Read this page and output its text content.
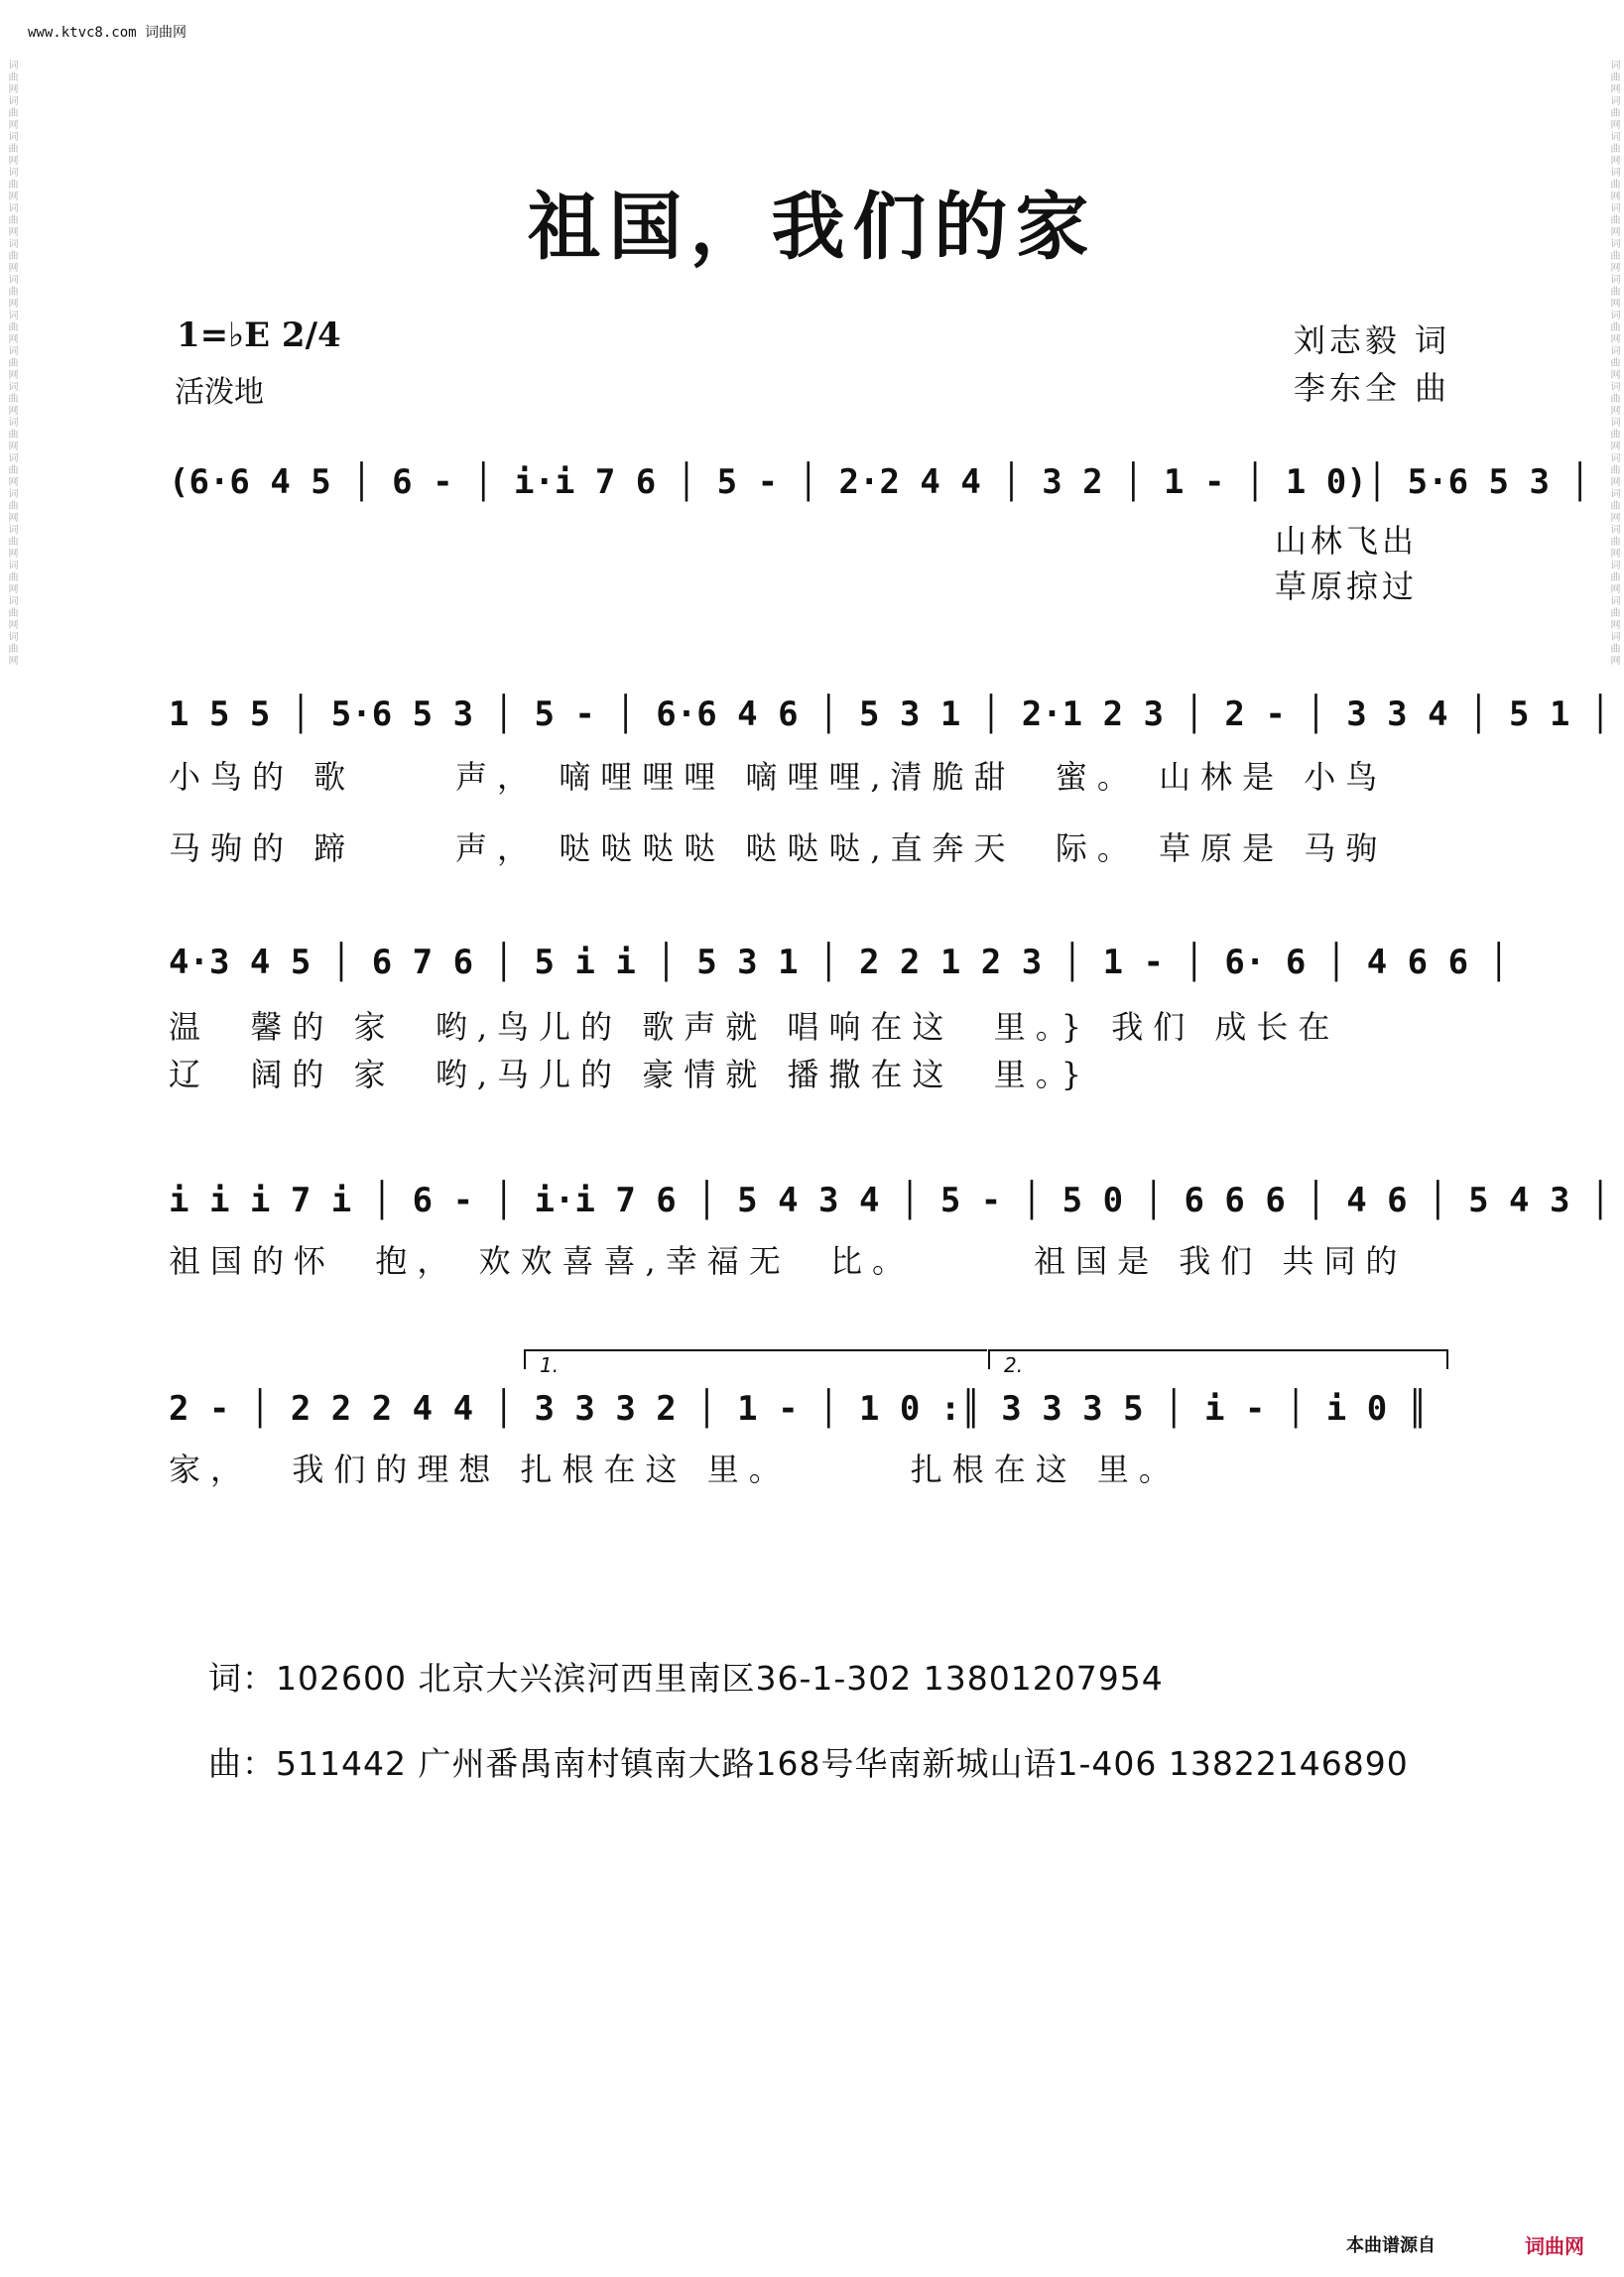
www.ktvc8.com 词曲网
词曲网词曲网词曲网词曲网词曲网词曲网词曲网词曲网词曲网词曲网词曲网词曲网词曲网词曲网词曲网词曲网词曲网	词曲网词曲网词曲网词曲网词曲网词曲网词曲网词曲网词曲网词曲网词曲网词曲网词曲网词曲网词曲网词曲网词曲网
祖国，我们的家
1=♭E 2/4
活泼地
刘志毅 词
李东全 曲
(6·6 4 5 │ 6 - │ i·i 7 6 │ 5 - │ 2·2 4 4 │ 3 2 │ 1 - │ 1 0)│ 5·6 5 3 │
山林飞出
草原掠过
1 5 5 │ 5·6 5 3 │ 5 - │ 6·6 4 6 │ 5 3 1 │ 2·1 2 3 │ 2 - │ 3 3 4 │ 5 1 │
小鸟的 歌     声， 嘀哩哩哩 嘀哩哩,清脆甜  蜜。 山林是 小鸟
马驹的 蹄     声， 哒哒哒哒 哒哒哒,直奔天  际。 草原是 马驹
4·3 4 5 │ 6 7 6 │ 5 i i │ 5 3 1 │ 2 2 1 2 3 │ 1 - │ 6· 6 │ 4 6 6 │
温  馨的 家  哟,鸟儿的 歌声就 唱响在这  里。} 我们 成长在
辽  阔的 家  哟,马儿的 豪情就 播撒在这  里。}
i i i 7 i │ 6 - │ i·i 7 6 │ 5 4 3 4 │ 5 - │ 5 0 │ 6 6 6 │ 4 6 │ 5 4 3 │
祖国的怀  抱， 欢欢喜喜,幸福无  比。      祖国是 我们 共同的
1.	2.
2 - │ 2 2 2 4 4 │ 3 3 3 2 │ 1 - │ 1 0 :║ 3 3 3 5 │ i - │ i 0 ║
家，  我们的理想 扎根在这 里。      扎根在这 里。
词：102600 北京大兴滨河西里南区36-1-302 13801207954
曲：511442 广州番禺南村镇南大路168号华南新城山语1-406 13822146890
本曲谱源自	词曲网
